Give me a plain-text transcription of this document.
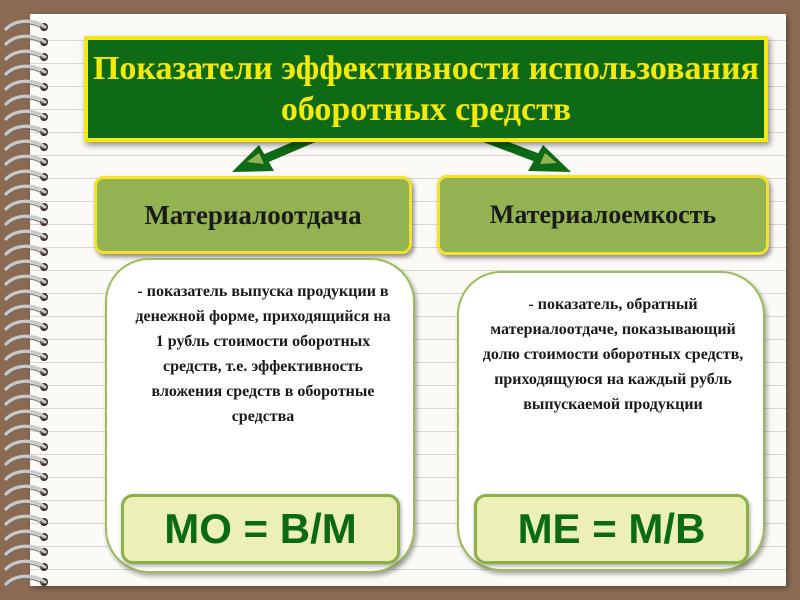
Показатели эффективности использования оборотных средств
Материалоотдача	Материалоемкость
- показатель выпуска продукции в денежной форме, приходящийся на 1 рубль стоимости оборотных средств, т.е. эффективность вложения средств в оборотные средства
- показатель, обратный материалоотдаче, показывающий долю стоимости оборотных средств, приходящуюся на каждый рубль выпускаемой продукции
МО = В/М	МЕ = М/В
